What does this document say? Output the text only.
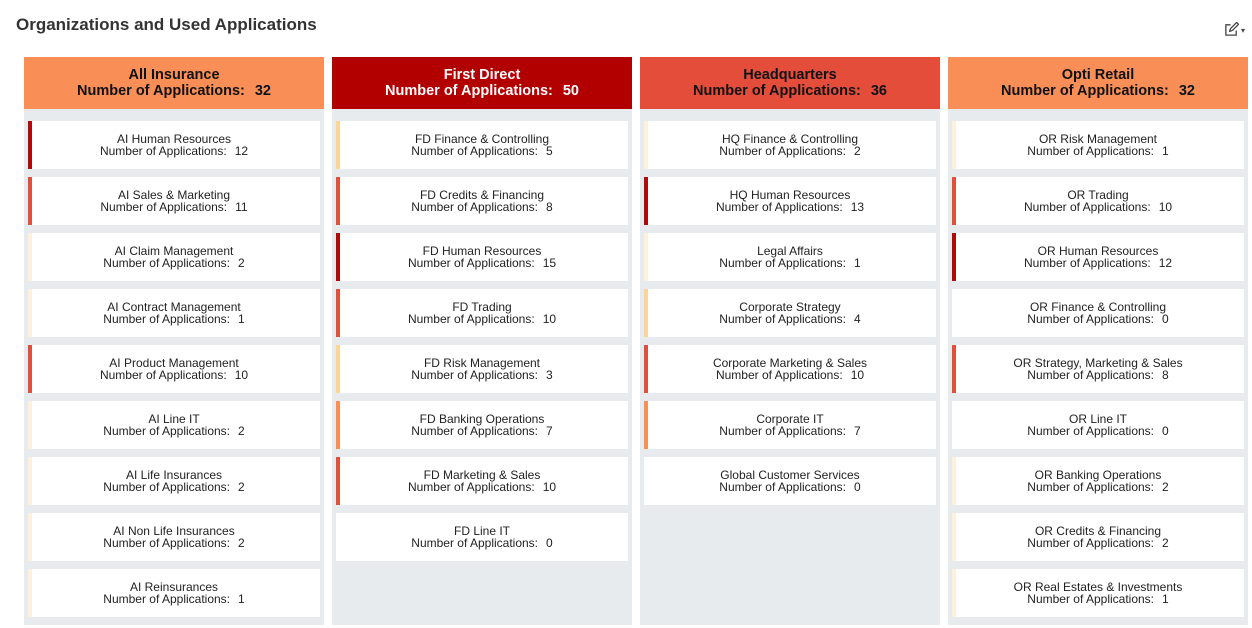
Organizations and Used Applications	▾
All Insurance
Number of Applications: 32
AI Human Resources
Number of Applications: 12
AI Sales & Marketing
Number of Applications: 11
AI Claim Management
Number of Applications: 2
AI Contract Management
Number of Applications: 1
AI Product Management
Number of Applications: 10
AI Line IT
Number of Applications: 2
AI Life Insurances
Number of Applications: 2
AI Non Life Insurances
Number of Applications: 2
AI Reinsurances
Number of Applications: 1
First Direct
Number of Applications: 50
FD Finance & Controlling
Number of Applications: 5
FD Credits & Financing
Number of Applications: 8
FD Human Resources
Number of Applications: 15
FD Trading
Number of Applications: 10
FD Risk Management
Number of Applications: 3
FD Banking Operations
Number of Applications: 7
FD Marketing & Sales
Number of Applications: 10
FD Line IT
Number of Applications: 0
Headquarters
Number of Applications: 36
HQ Finance & Controlling
Number of Applications: 2
HQ Human Resources
Number of Applications: 13
Legal Affairs
Number of Applications: 1
Corporate Strategy
Number of Applications: 4
Corporate Marketing & Sales
Number of Applications: 10
Corporate IT
Number of Applications: 7
Global Customer Services
Number of Applications: 0
Opti Retail
Number of Applications: 32
OR Risk Management
Number of Applications: 1
OR Trading
Number of Applications: 10
OR Human Resources
Number of Applications: 12
OR Finance & Controlling
Number of Applications: 0
OR Strategy, Marketing & Sales
Number of Applications: 8
OR Line IT
Number of Applications: 0
OR Banking Operations
Number of Applications: 2
OR Credits & Financing
Number of Applications: 2
OR Real Estates & Investments
Number of Applications: 1
